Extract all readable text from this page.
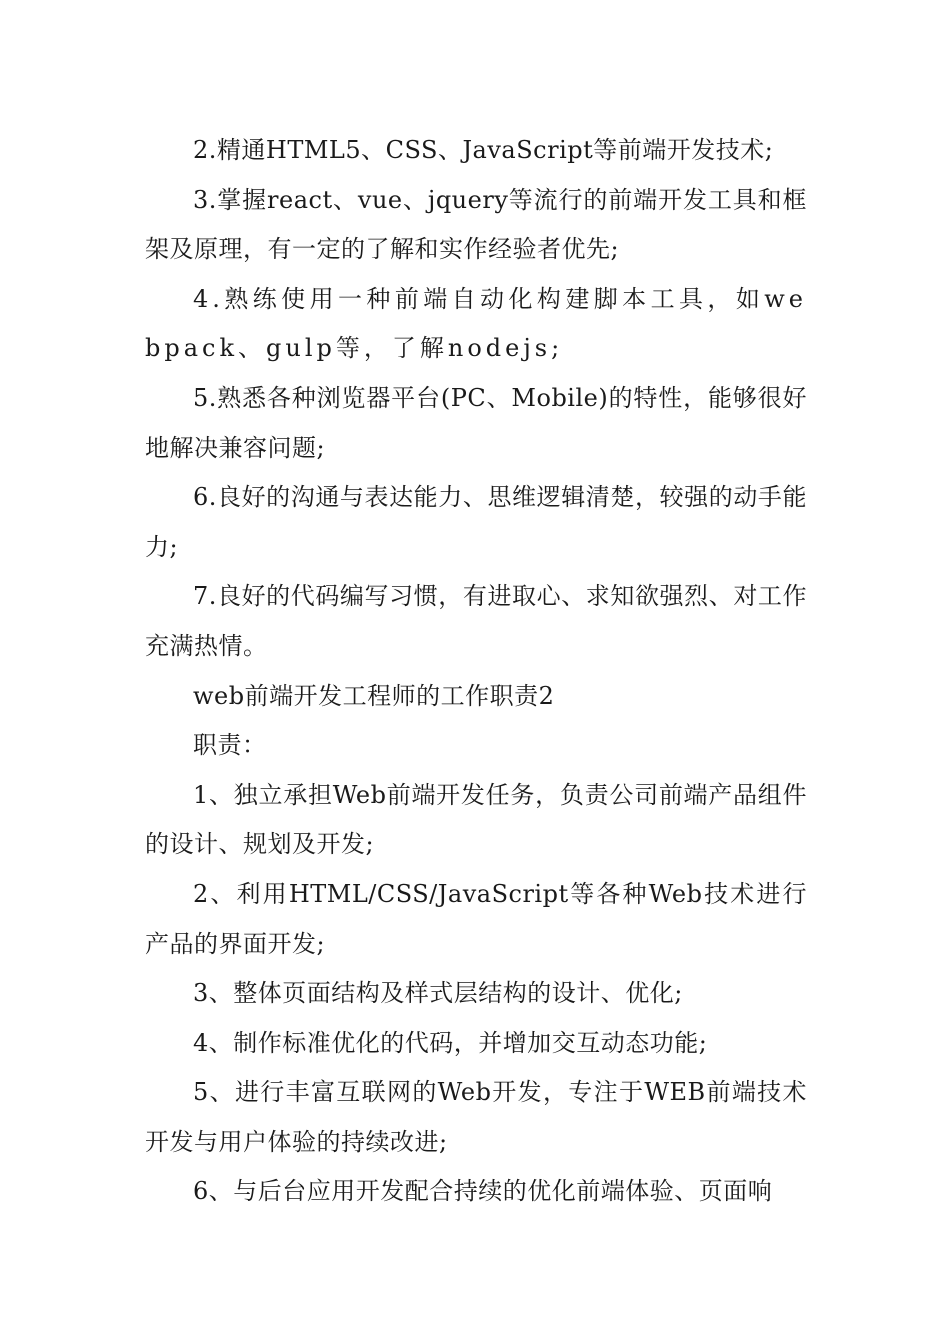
2.精通HTML5、CSS、JavaScript等前端开发技术;

3.掌握react、vue、jquery等流行的前端开发工具和框架及原理，有一定的了解和实作经验者优先;

4.熟练使用一种前端自动化构建脚本工具，如webpack、gulp等，了解nodejs;

5.熟悉各种浏览器平台(PC、Mobile)的特性，能够很好地解决兼容问题;

6.良好的沟通与表达能力、思维逻辑清楚，较强的动手能力;

7.良好的代码编写习惯，有进取心、求知欲强烈、对工作充满热情。

web前端开发工程师的工作职责2

职责：

1、独立承担Web前端开发任务，负责公司前端产品组件的设计、规划及开发;

2、利用HTML/CSS/JavaScript等各种Web技术进行产品的界面开发;

3、整体页面结构及样式层结构的设计、优化;

4、制作标准优化的代码，并增加交互动态功能;

5、进行丰富互联网的Web开发，专注于WEB前端技术开发与用户体验的持续改进;

6、与后台应用开发配合持续的优化前端体验、页面响
